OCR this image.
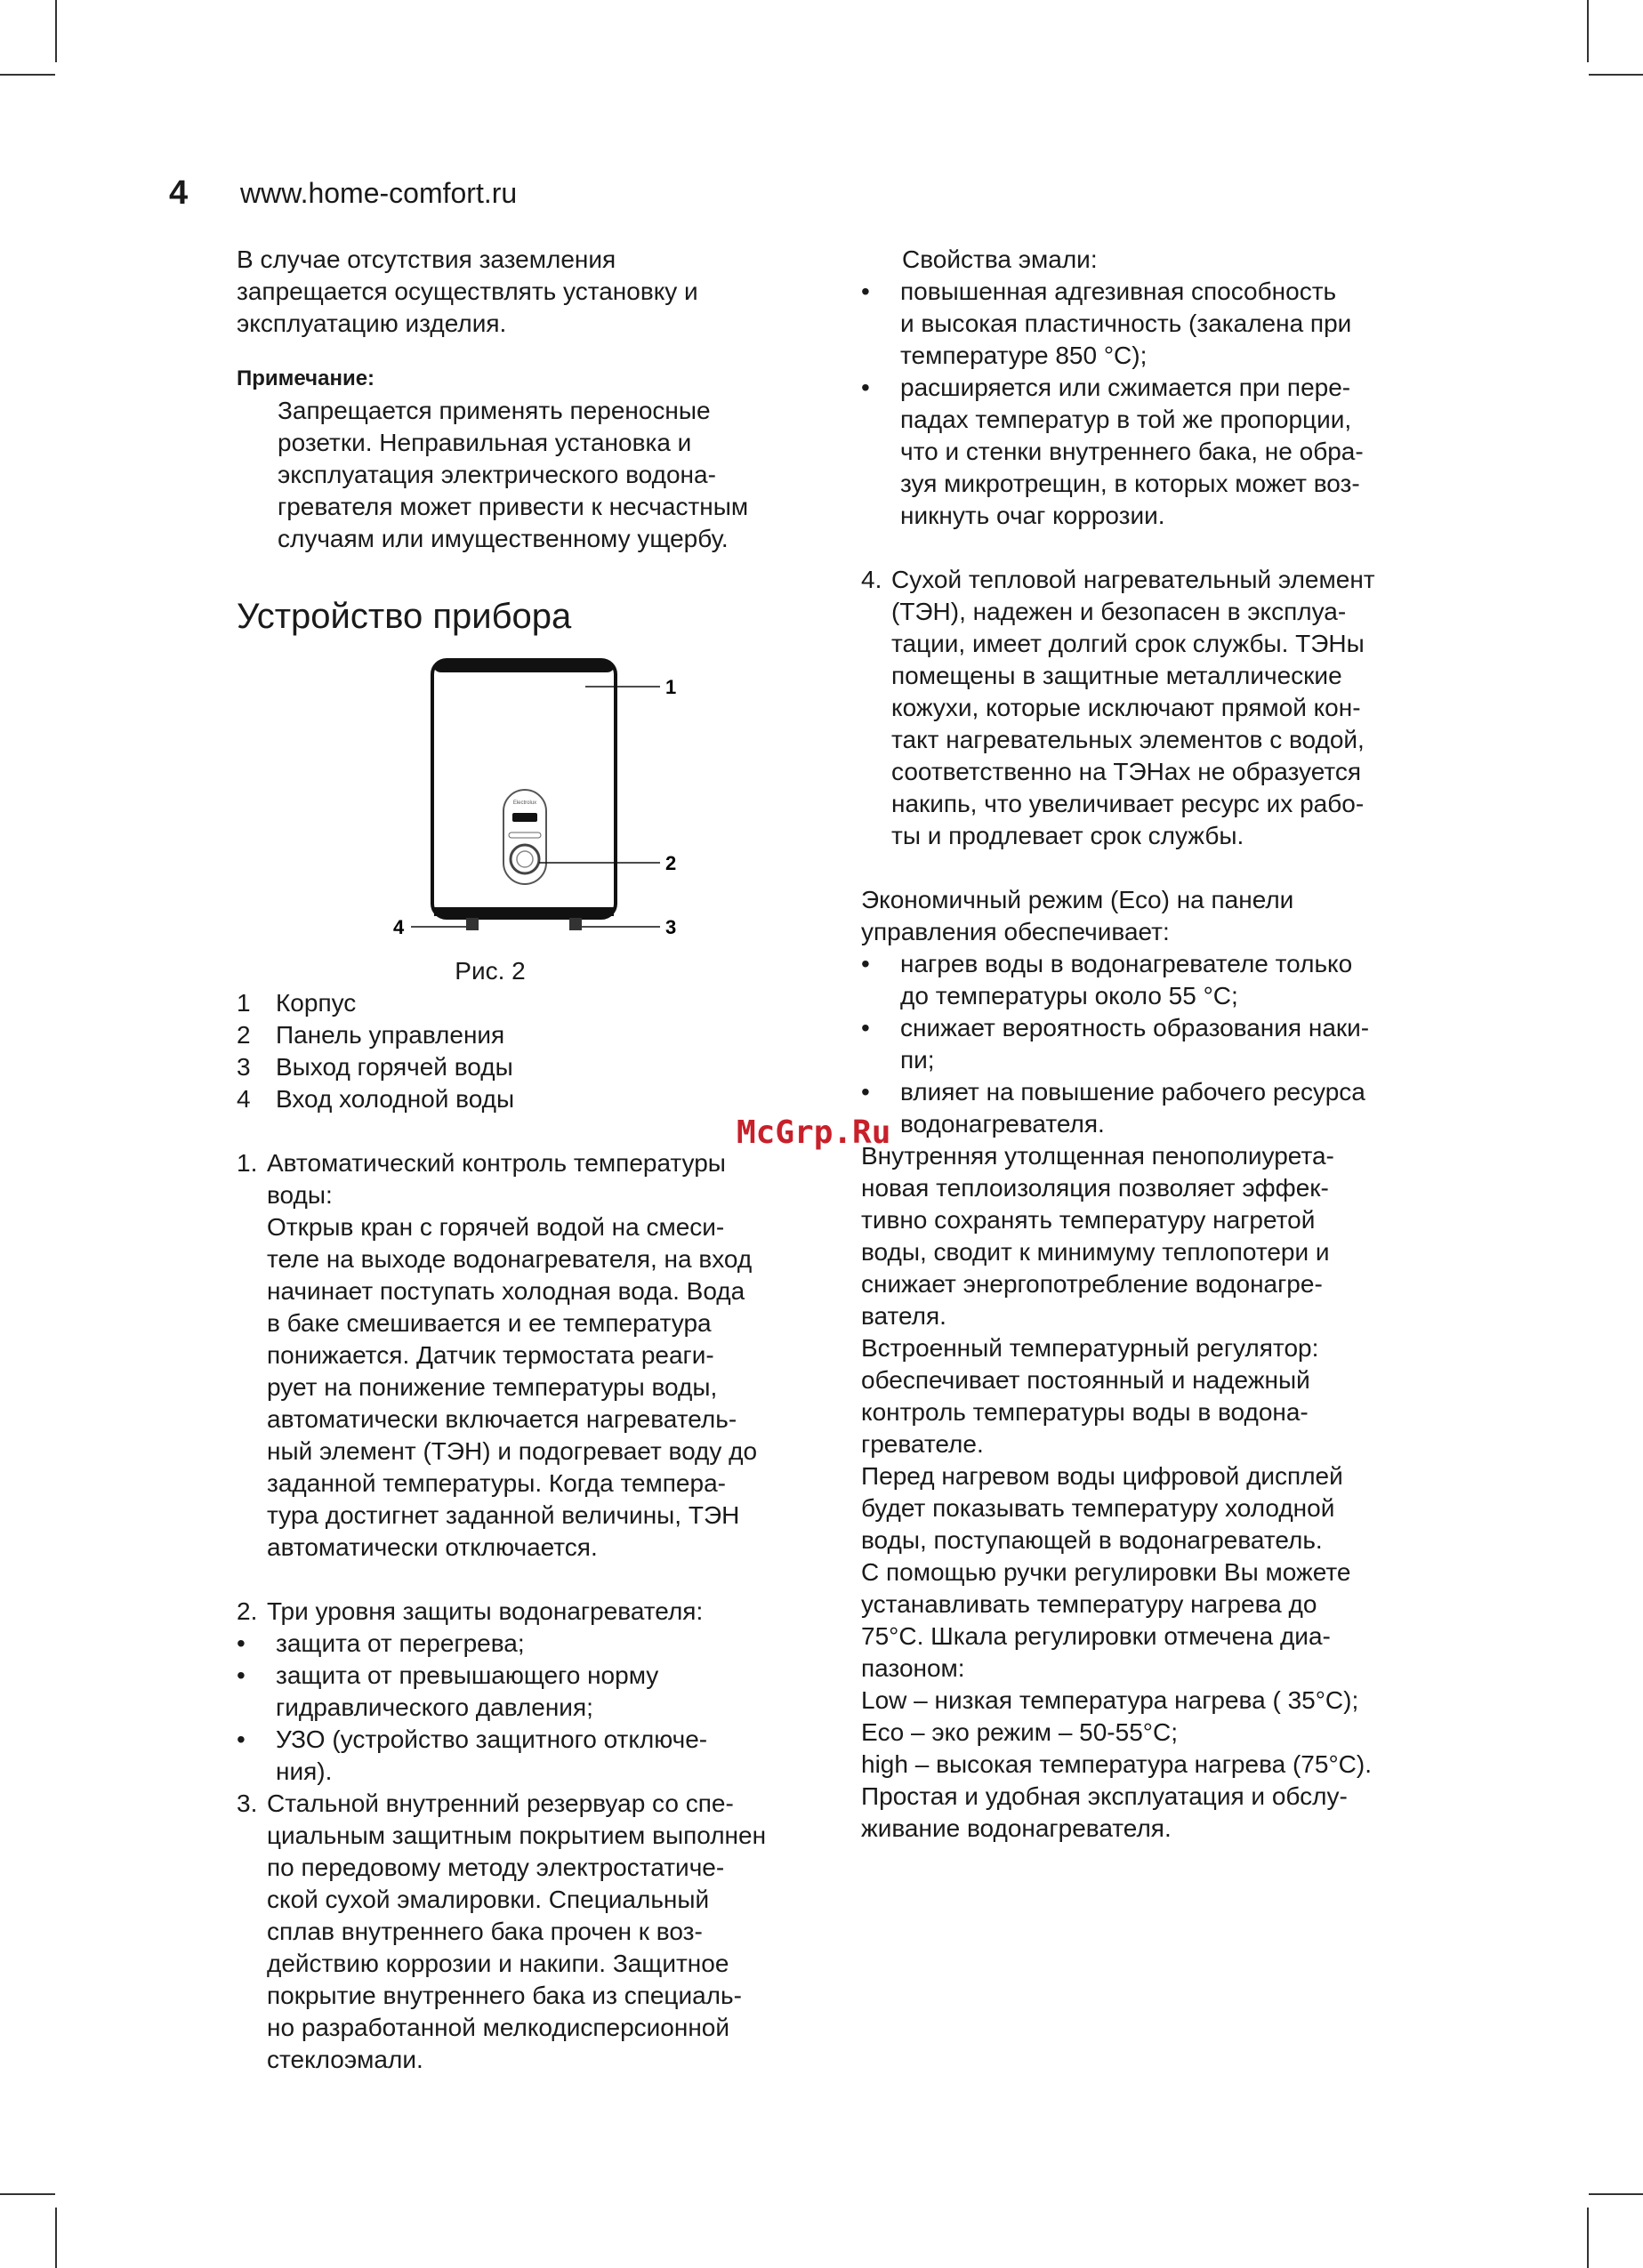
4	www.home-comfort.ru

В случае отсутствия заземления

запрещается осуществлять установку и

эксплуатацию изделия.

Примечание:

Запрещается применять переносные

розетки. Неправильная установка и

эксплуатация электрического водона-

гревателя может привести к несчастным

случаям или имущественному ущербу.

Устройство прибора
Electrolux
1
2
3
4

Рис. 2

1	Корпус
2	Панель управления
3	Выход горячей воды
4	Вход холодной воды
1. Автоматический контроль температуры

воды:

Открыв кран с горячей водой на смеси-

теле на выходе водонагревателя, на вход

начинает поступать холодная вода. Вода

в баке смешивается и ее температура

понижается. Датчик термостата реаги-

рует на понижение температуры воды,

автоматически включается нагреватель-

ный элемент (ТЭН) и подогревает воду до

заданной температуры. Когда темпера-

тура достигнет заданной величины, ТЭН

автоматически отключается.

2. Три уровня защиты водонагревателя:

•	защита от перегрева;

•	защита от превышающего норму

гидравлического давления;

•	УЗО (устройство защитного отключе-

ния).

3. Стальной внутренний резервуар со спе-

циальным защитным покрытием выполнен

по передовому методу электростатиче-

ской сухой эмалировки. Специальный

сплав внутреннего бака прочен к воз-

действию коррозии и накипи. Защитное

покрытие внутреннего бака из специаль-

но разработанной мелкодисперсионной

стеклоэмали.

Свойства эмали:

•	повышенная адгезивная способность

и высокая пластичность (закалена при

температуре 850 °C);

•	расширяется или сжимается при пере-

падах температур в той же пропорции,

что и стенки внутреннего бака, не обра-

зуя микротрещин, в которых может воз-

никнуть очаг коррозии.

4. Сухой тепловой нагревательный элемент

(ТЭН), надежен и безопасен в эксплуа-

тации, имеет долгий срок службы. ТЭНы

помещены в защитные металлические

кожухи, которые исключают прямой кон-

такт нагревательных элементов с водой,

соответственно на ТЭНах не образуется

накипь, что увеличивает ресурс их рабо-

ты и продлевает срок службы.

Экономичный режим (Eco) на панели

управления обеспечивает:

•	нагрев воды в водонагревателе только

до температуры около 55 °C;

•	снижает вероятность образования наки-

пи;

•	влияет на повышение рабочего ресурса

водонагревателя.

Внутренняя утолщенная пенополиурета-

новая теплоизоляция позволяет эффек-

тивно сохранять температуру нагретой

воды, сводит к минимуму теплопотери и

снижает энергопотребление водонагре-

вателя.

Встроенный температурный регулятор:

обеспечивает постоянный и надежный

контроль температуры воды в водона-

гревателе.

Перед нагревом воды цифровой дисплей

будет показывать температуру холодной

воды, поступающей в водонагреватель.

С помощью ручки регулировки Вы можете

устанавливать температуру нагрева до

75°C. Шкала регулировки отмечена диа-

пазоном:

Low – низкая температура нагрева ( 35°C);

Eco – эко режим – 50-55°C;

high – высокая температура нагрева (75°C).

Простая и удобная эксплуатация и обслу-

живание водонагревателя.

McGrp.Ru
